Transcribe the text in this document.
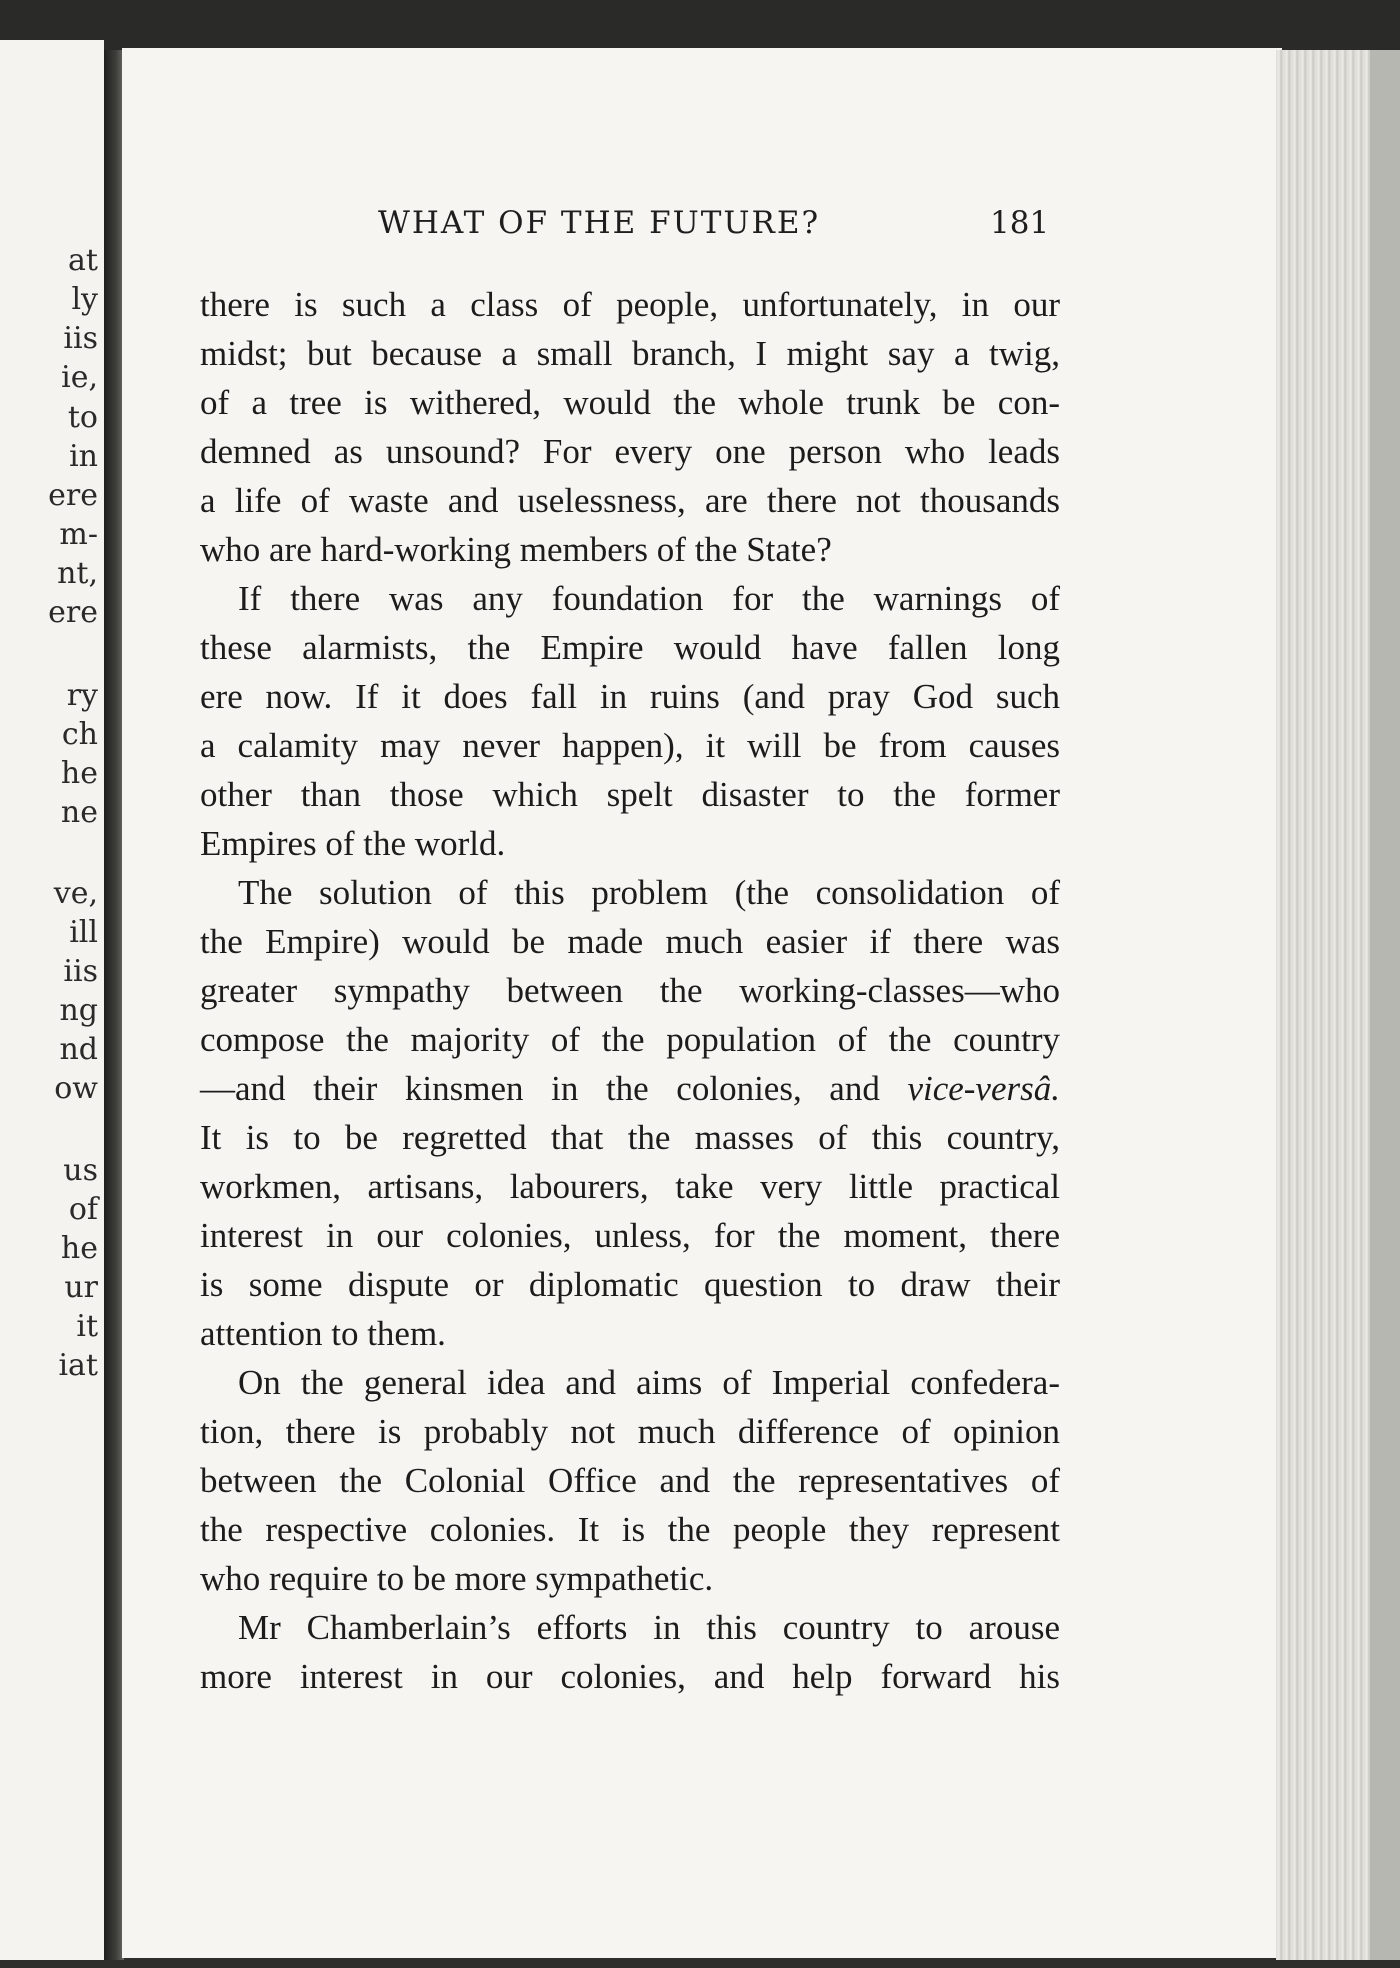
at
ly
iis
ie,
to
in
ere
m-
nt,
ere
ry
ch
he
ne
ve,
ill
iis
ng
nd
ow
us
of
he
ur
it
iat
WHAT OF THE FUTURE?	181
there is such a class of people, unfortunately, in our
midst; but because a small branch, I might say a twig,
of a tree is withered, would the whole trunk be con-
demned as unsound? For every one person who leads
a life of waste and uselessness, are there not thousands
who are hard-working members of the State?
If there was any foundation for the warnings of
these alarmists, the Empire would have fallen long
ere now. If it does fall in ruins (and pray God such
a calamity may never happen), it will be from causes
other than those which spelt disaster to the former
Empires of the world.
The solution of this problem (the consolidation of
the Empire) would be made much easier if there was
greater sympathy between the working-classes—who
compose the majority of the population of the country
—and their kinsmen in the colonies, and vice-versâ.
It is to be regretted that the masses of this country,
workmen, artisans, labourers, take very little practical
interest in our colonies, unless, for the moment, there
is some dispute or diplomatic question to draw their
attention to them.
On the general idea and aims of Imperial confedera-
tion, there is probably not much difference of opinion
between the Colonial Office and the representatives of
the respective colonies. It is the people they represent
who require to be more sympathetic.
Mr Chamberlain’s efforts in this country to arouse
more interest in our colonies, and help forward his
